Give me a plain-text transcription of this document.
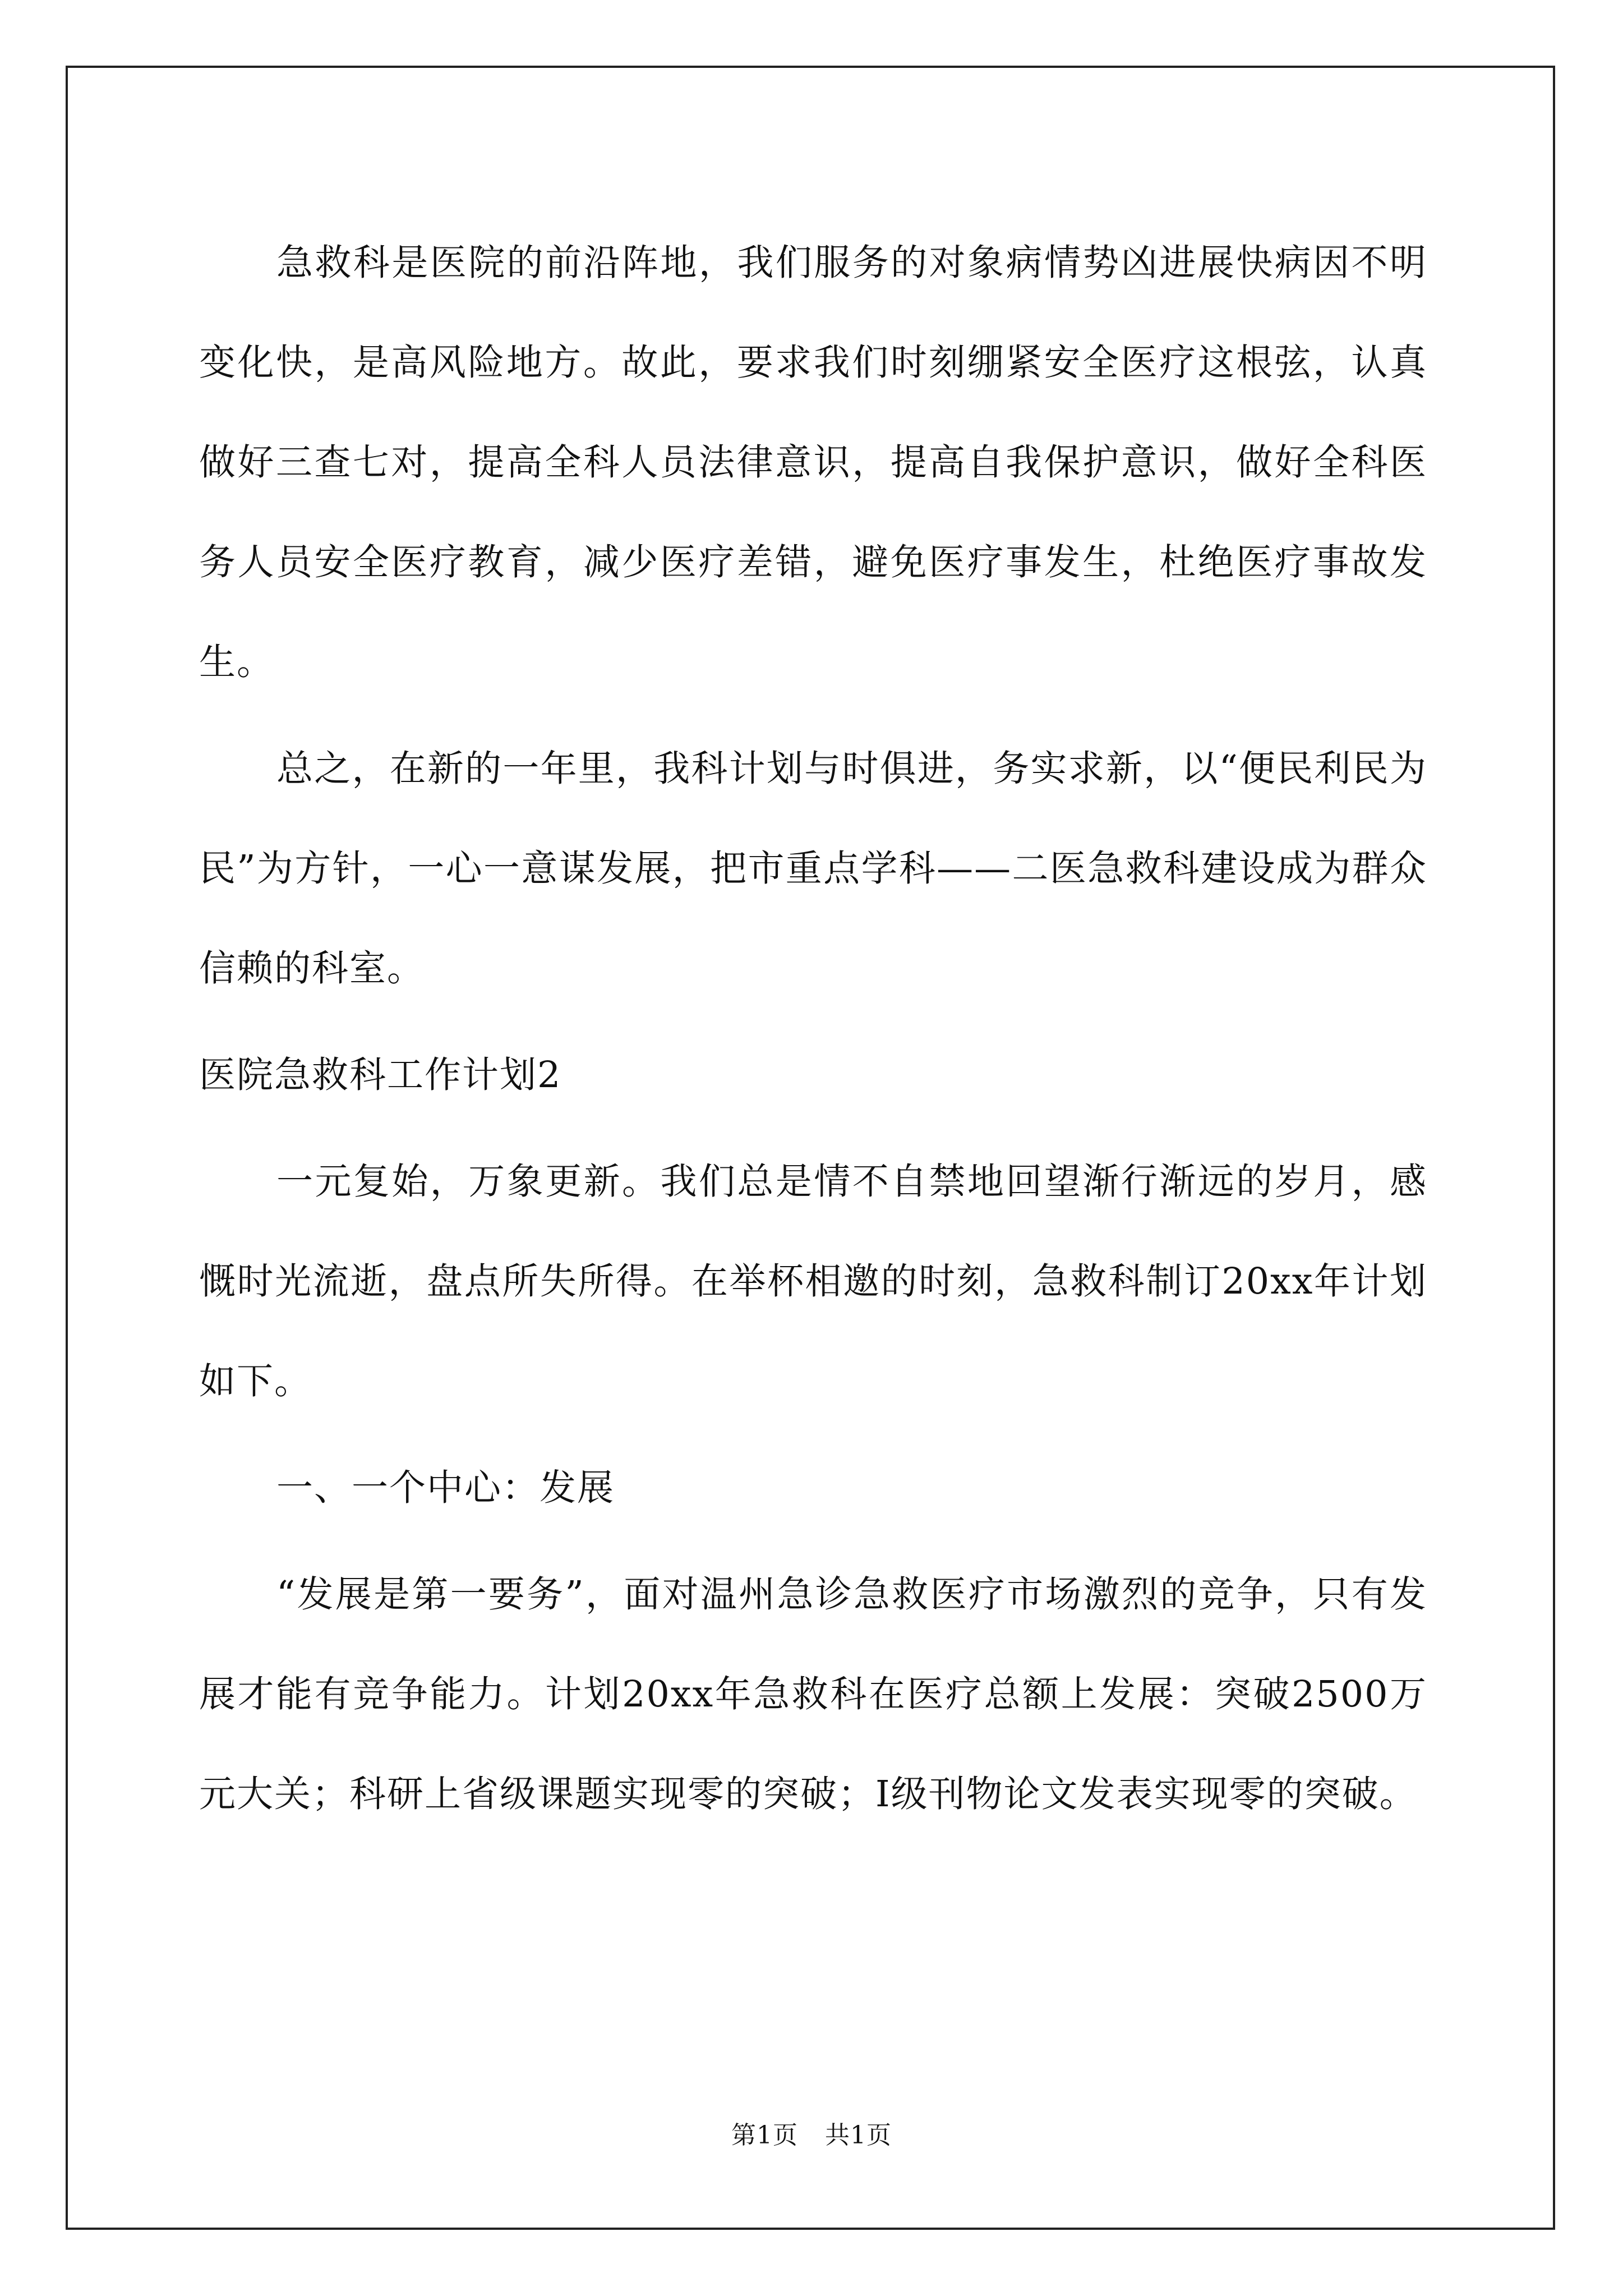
急救科是医院的前沿阵地，我们服务的对象病情势凶进展快病因不明变化快，是高风险地方。故此，要求我们时刻绷紧安全医疗这根弦，认真做好三查七对，提高全科人员法律意识，提高自我保护意识，做好全科医务人员安全医疗教育，减少医疗差错，避免医疗事发生，杜绝医疗事故发生。

总之，在新的一年里，我科计划与时俱进，务实求新，以“便民利民为民”为方针，一心一意谋发展，把市重点学科——二医急救科建设成为群众信赖的科室。

医院急救科工作计划2

一元复始，万象更新。我们总是情不自禁地回望渐行渐远的岁月，感慨时光流逝，盘点所失所得。在举杯相邀的时刻，急救科制订20xx年计划如下。

一、一个中心：发展

“发展是第一要务”，面对温州急诊急救医疗市场激烈的竞争，只有发展才能有竞争能力。计划20xx年急救科在医疗总额上发展：突破2500万元大关；科研上省级课题实现零的突破；Ⅰ级刊物论文发表实现零的突破。

第1页 共1页
